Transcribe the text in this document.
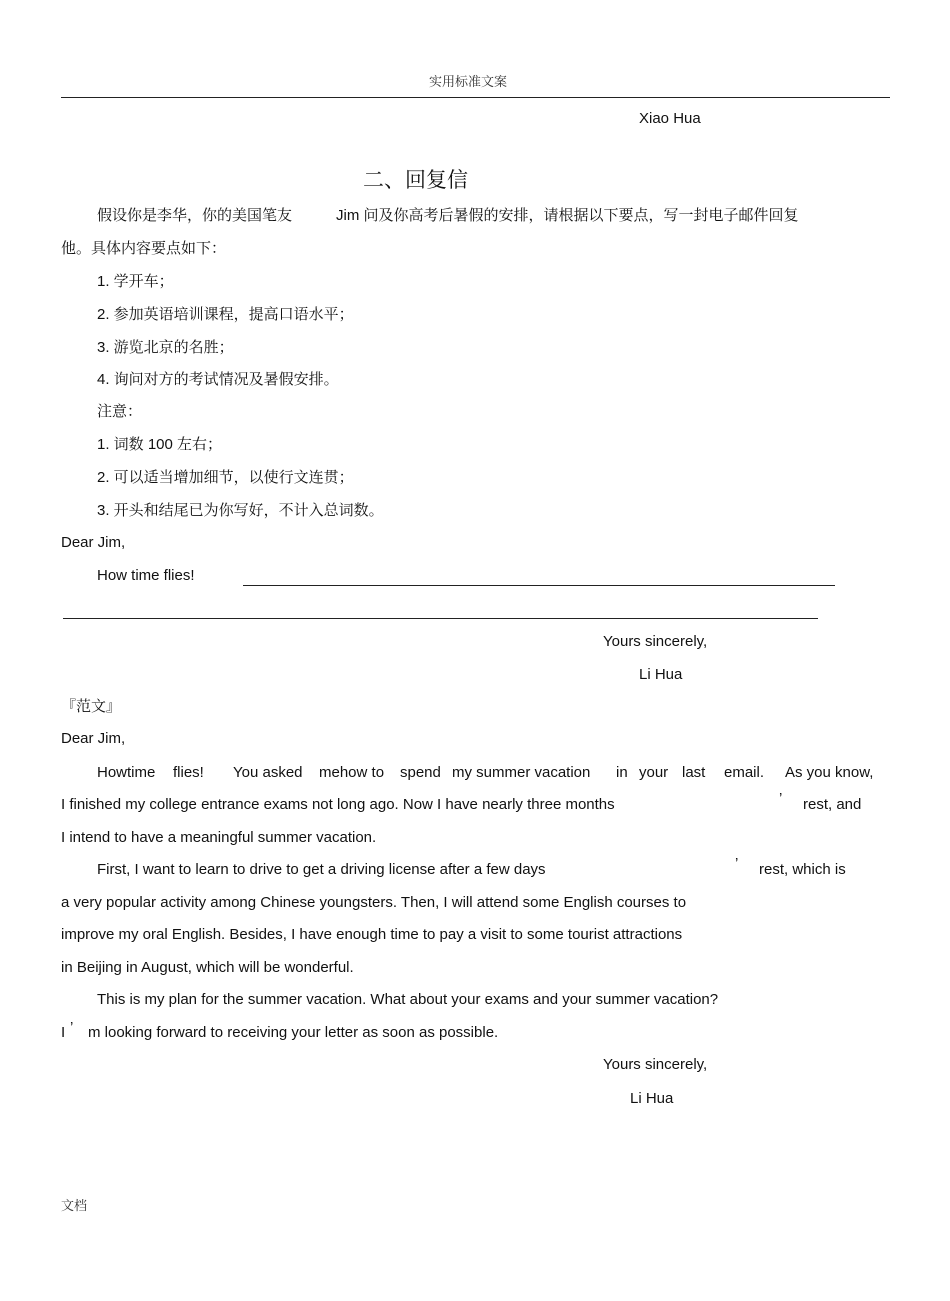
实用标准文案
Xiao Hua
二、回复信
假设你是李华，你的美国笔友	Jim 问及你高考后暑假的安排，请根据以下要点，写一封电子邮件回复
他。具体内容要点如下：
1. 学开车；
2. 参加英语培训课程，提高口语水平；
3. 游览北京的名胜；
4. 询问对方的考试情况及暑假安排。
注意：
1. 词数 100 左右；
2. 可以适当增加细节，以使行文连贯；
3. 开头和结尾已为你写好，不计入总词数。
Dear Jim,
How time flies!
Yours sincerely,
Li Hua
『范文』
Dear Jim,
Howtime flies! You asked mehow to spend my summer vacation in your last email. As you know,
I finished my college entrance exams not long ago. Now I have nearly three months	’ rest, and
I intend to have a meaningful summer vacation.
First, I want to learn to drive to get a driving license after a few days	’ rest, which is
a very popular activity among Chinese youngsters. Then, I will attend some English courses to
improve my oral English. Besides, I have enough time to pay a visit to some tourist attractions
in Beijing in August, which will be wonderful.
This is my plan for the summer vacation. What about your exams and your summer vacation?
I ’ m looking forward to receiving your letter as soon as possible.
Yours sincerely,
Li Hua
文档
